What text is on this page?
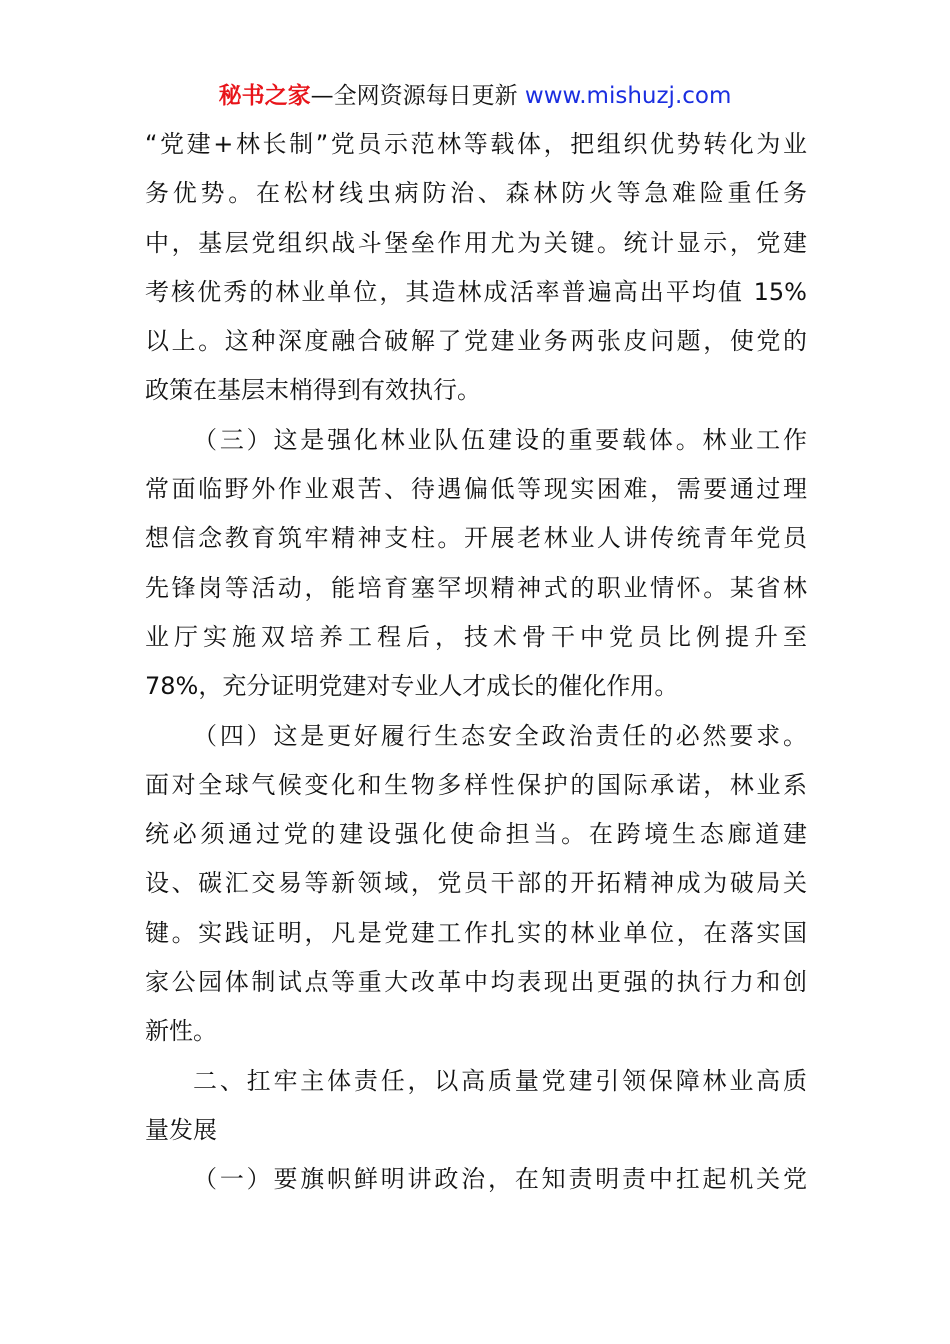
秘书之家—全网资源每日更新 www.mishuzj.com

“党建+林长制”党员示范林等载体，把组织优势转化为业
务优势。在松材线虫病防治、森林防火等急难险重任务
中，基层党组织战斗堡垒作用尤为关键。统计显示，党建
考核优秀的林业单位，其造林成活率普遍高出平均值 15%
以上。这种深度融合破解了党建业务两张皮问题，使党的
政策在基层末梢得到有效执行。

（三）这是强化林业队伍建设的重要载体。林业工作
常面临野外作业艰苦、待遇偏低等现实困难，需要通过理
想信念教育筑牢精神支柱。开展老林业人讲传统青年党员
先锋岗等活动，能培育塞罕坝精神式的职业情怀。某省林
业厅实施双培养工程后，技术骨干中党员比例提升至
78%，充分证明党建对专业人才成长的催化作用。

（四）这是更好履行生态安全政治责任的必然要求。
面对全球气候变化和生物多样性保护的国际承诺，林业系
统必须通过党的建设强化使命担当。在跨境生态廊道建
设、碳汇交易等新领域，党员干部的开拓精神成为破局关
键。实践证明，凡是党建工作扎实的林业单位，在落实国
家公园体制试点等重大改革中均表现出更强的执行力和创
新性。

二、扛牢主体责任，以高质量党建引领保障林业高质
量发展

（一）要旗帜鲜明讲政治，在知责明责中扛起机关党
